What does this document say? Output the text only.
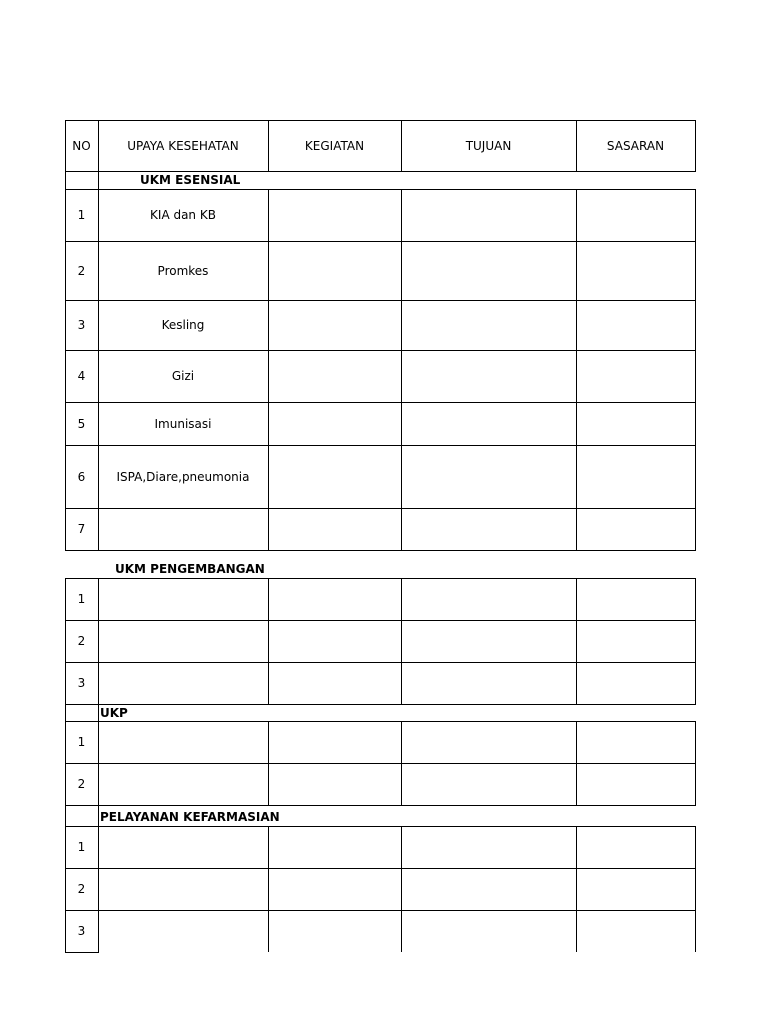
NO	UPAYA KESEHATAN	KEGIATAN	TUJUAN	SASARAN
UKM ESENSIAL
1	KIA dan KB
2	Promkes
3	Kesling
4	Gizi
5	Imunisasi
6	ISPA,Diare,pneumonia
7
UKM PENGEMBANGAN
1
2
3
UKP
1
2
PELAYANAN KEFARMASIAN
1
2
3
